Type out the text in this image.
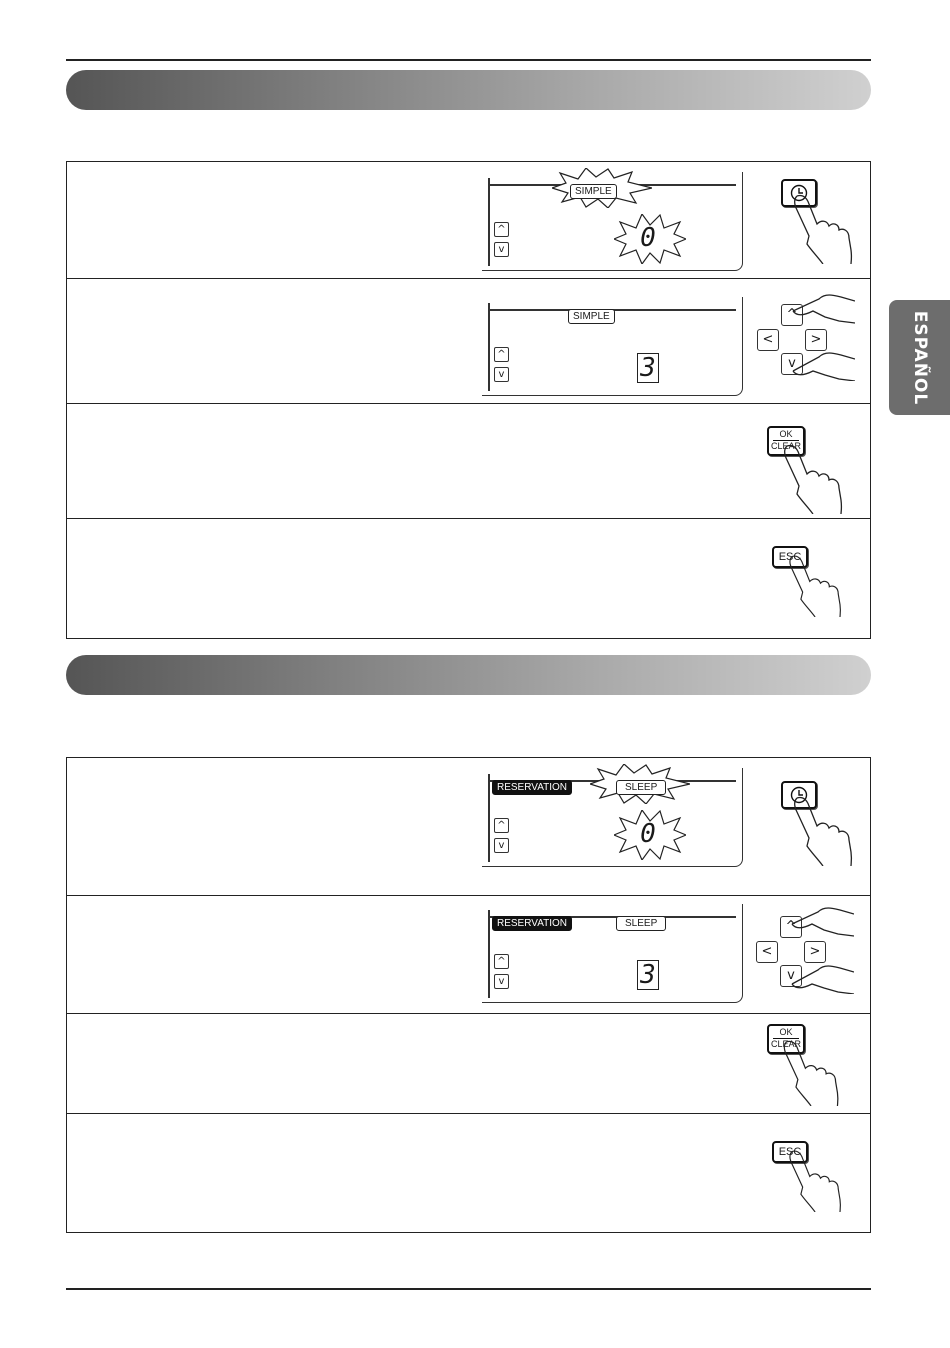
SIMPLE
^
v	0
SIMPLE
^
v	3
^
<	>
v
OK
CLEAR
ESC
RESERVATION	SLEEP
^
v	0
RESERVATION	SLEEP
^
v	3
^
<	>
v
OK
CLEAR
ESC
ESPAÑOL
